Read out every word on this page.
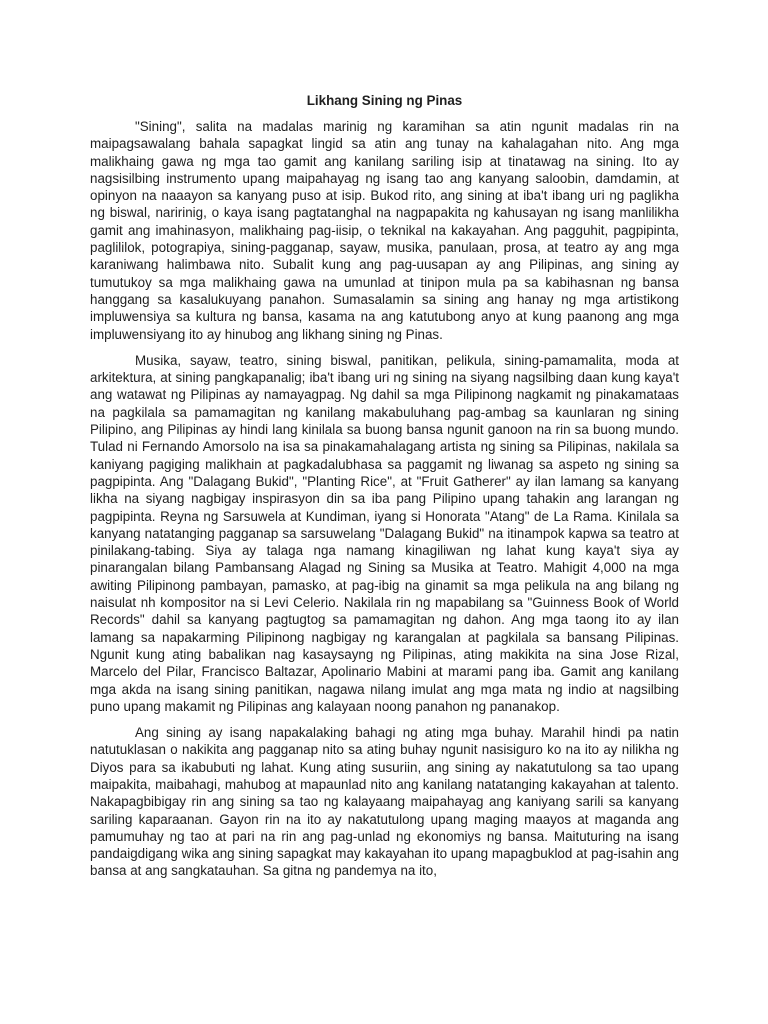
Likhang Sining ng Pinas

"Sining", salita na madalas marinig ng karamihan sa atin ngunit madalas rin na maipagsawalang bahala sapagkat lingid sa atin ang tunay na kahalagahan nito. Ang mga malikhaing gawa ng mga tao gamit ang kanilang sariling isip at tinatawag na sining. Ito ay nagsisilbing instrumento upang maipahayag ng isang tao ang kanyang saloobin, damdamin, at opinyon na naaayon sa kanyang puso at isip. Bukod rito, ang sining at iba't ibang uri ng paglikha ng biswal, naririnig, o kaya isang pagtatanghal na nagpapakita ng kahusayan ng isang manlilikha gamit ang imahinasyon, malikhaing pag-iisip, o teknikal na kakayahan. Ang pagguhit, pagpipinta, paglililok, potograpiya, sining-pagganap, sayaw, musika, panulaan, prosa, at teatro ay ang mga karaniwang halimbawa nito. Subalit kung ang pag-uusapan ay ang Pilipinas, ang sining ay tumutukoy sa mga malikhaing gawa na umunlad at tinipon mula pa sa kabihasnan ng bansa hanggang sa kasalukuyang panahon. Sumasalamin sa sining ang hanay ng mga artistikong impluwensiya sa kultura ng bansa, kasama na ang katutubong anyo at kung paanong ang mga impluwensiyang ito ay hinubog ang likhang sining ng Pinas.

Musika, sayaw, teatro, sining biswal, panitikan, pelikula, sining-pamamalita, moda at arkitektura, at sining pangkapanalig; iba't ibang uri ng sining na siyang nagsilbing daan kung kaya't ang watawat ng Pilipinas ay namayagpag. Ng dahil sa mga Pilipinong nagkamit ng pinakamataas na pagkilala sa pamamagitan ng kanilang makabuluhang pag-ambag sa kaunlaran ng sining Pilipino, ang Pilipinas ay hindi lang kinilala sa buong bansa ngunit ganoon na rin sa buong mundo. Tulad ni Fernando Amorsolo na isa sa pinakamahalagang artista ng sining sa Pilipinas, nakilala sa kaniyang pagiging malikhain at pagkadalubhasa sa paggamit ng liwanag sa aspeto ng sining sa pagpipinta. Ang "Dalagang Bukid", "Planting Rice", at "Fruit Gatherer" ay ilan lamang sa kanyang likha na siyang nagbigay inspirasyon din sa iba pang Pilipino upang tahakin ang larangan ng pagpipinta. Reyna ng Sarsuwela at Kundiman, iyang si Honorata "Atang" de La Rama. Kinilala sa kanyang natatanging pagganap sa sarsuwelang "Dalagang Bukid" na itinampok kapwa sa teatro at pinilakang-tabing. Siya ay talaga nga namang kinagiliwan ng lahat kung kaya't siya ay pinarangalan bilang Pambansang Alagad ng Sining sa Musika at Teatro. Mahigit 4,000 na mga awiting Pilipinong pambayan, pamasko, at pag-ibig na ginamit sa mga pelikula na ang bilang ng naisulat nh kompositor na si Levi Celerio. Nakilala rin ng mapabilang sa "Guinness Book of World Records" dahil sa kanyang pagtugtog sa pamamagitan ng dahon. Ang mga taong ito ay ilan lamang sa napakarming Pilipinong nagbigay ng karangalan at pagkilala sa bansang Pilipinas. Ngunit kung ating babalikan nag kasaysayng ng Pilipinas, ating makikita na sina Jose Rizal, Marcelo del Pilar, Francisco Baltazar, Apolinario Mabini at marami pang iba. Gamit ang kanilang mga akda na isang sining panitikan, nagawa nilang imulat ang mga mata ng indio at nagsilbing puno upang makamit ng Pilipinas ang kalayaan noong panahon ng pananakop.

Ang sining ay isang napakalaking bahagi ng ating mga buhay. Marahil hindi pa natin natutuklasan o nakikita ang pagganap nito sa ating buhay ngunit nasisiguro ko na ito ay nilikha ng Diyos para sa ikabubuti ng lahat. Kung ating susuriin, ang sining ay nakatutulong sa tao upang maipakita, maibahagi, mahubog at mapaunlad nito ang kanilang natatanging kakayahan at talento. Nakapagbibigay rin ang sining sa tao ng kalayaang maipahayag ang kaniyang sarili sa kanyang sariling kaparaanan. Gayon rin na ito ay nakatutulong upang maging maayos at maganda ang pamumuhay ng tao at pari na rin ang pag-unlad ng ekonomiys ng bansa. Maituturing na isang pandaigdigang wika ang sining sapagkat may kakayahan ito upang mapagbuklod at pag-isahin ang bansa at ang sangkatauhan. Sa gitna ng pandemya na ito,
